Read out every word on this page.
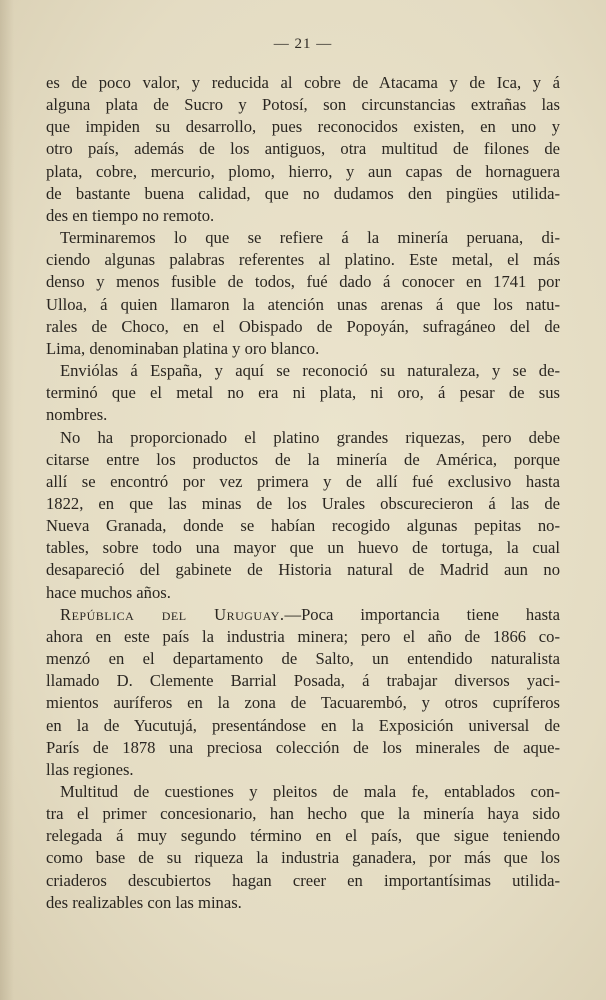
— 21 —
es de poco valor, y reducida al cobre de Atacama y de Ica, y á
alguna plata de Sucro y Potosí, son circunstancias extrañas las
que impiden su desarrollo, pues reconocidos existen, en uno y
otro país, además de los antiguos, otra multitud de filones de
plata, cobre, mercurio, plomo, hierro, y aun capas de hornaguera
de bastante buena calidad, que no dudamos den pingües utilida-
des en tiempo no remoto.
Terminaremos lo que se refiere á la minería peruana, di-
ciendo algunas palabras referentes al platino. Este metal, el más
denso y menos fusible de todos, fué dado á conocer en 1741 por
Ulloa, á quien llamaron la atención unas arenas á que los natu-
rales de Choco, en el Obispado de Popoyán, sufragáneo del de
Lima, denominaban platina y oro blanco.
Enviólas á España, y aquí se reconoció su naturaleza, y se de-
terminó que el metal no era ni plata, ni oro, á pesar de sus
nombres.
No ha proporcionado el platino grandes riquezas, pero debe
citarse entre los productos de la minería de América, porque
allí se encontró por vez primera y de allí fué exclusivo hasta
1822, en que las minas de los Urales obscurecieron á las de
Nueva Granada, donde se habían recogido algunas pepitas no-
tables, sobre todo una mayor que un huevo de tortuga, la cual
desapareció del gabinete de Historia natural de Madrid aun no
hace muchos años.
República del Uruguay.—Poca importancia tiene hasta
ahora en este país la industria minera; pero el año de 1866 co-
menzó en el departamento de Salto, un entendido naturalista
llamado D. Clemente Barrial Posada, á trabajar diversos yaci-
mientos auríferos en la zona de Tacuarembó, y otros cupríferos
en la de Yucutujá, presentándose en la Exposición universal de
París de 1878 una preciosa colección de los minerales de aque-
llas regiones.
Multitud de cuestiones y pleitos de mala fe, entablados con-
tra el primer concesionario, han hecho que la minería haya sido
relegada á muy segundo término en el país, que sigue teniendo
como base de su riqueza la industria ganadera, por más que los
criaderos descubiertos hagan creer en importantísimas utilida-
des realizables con las minas.
